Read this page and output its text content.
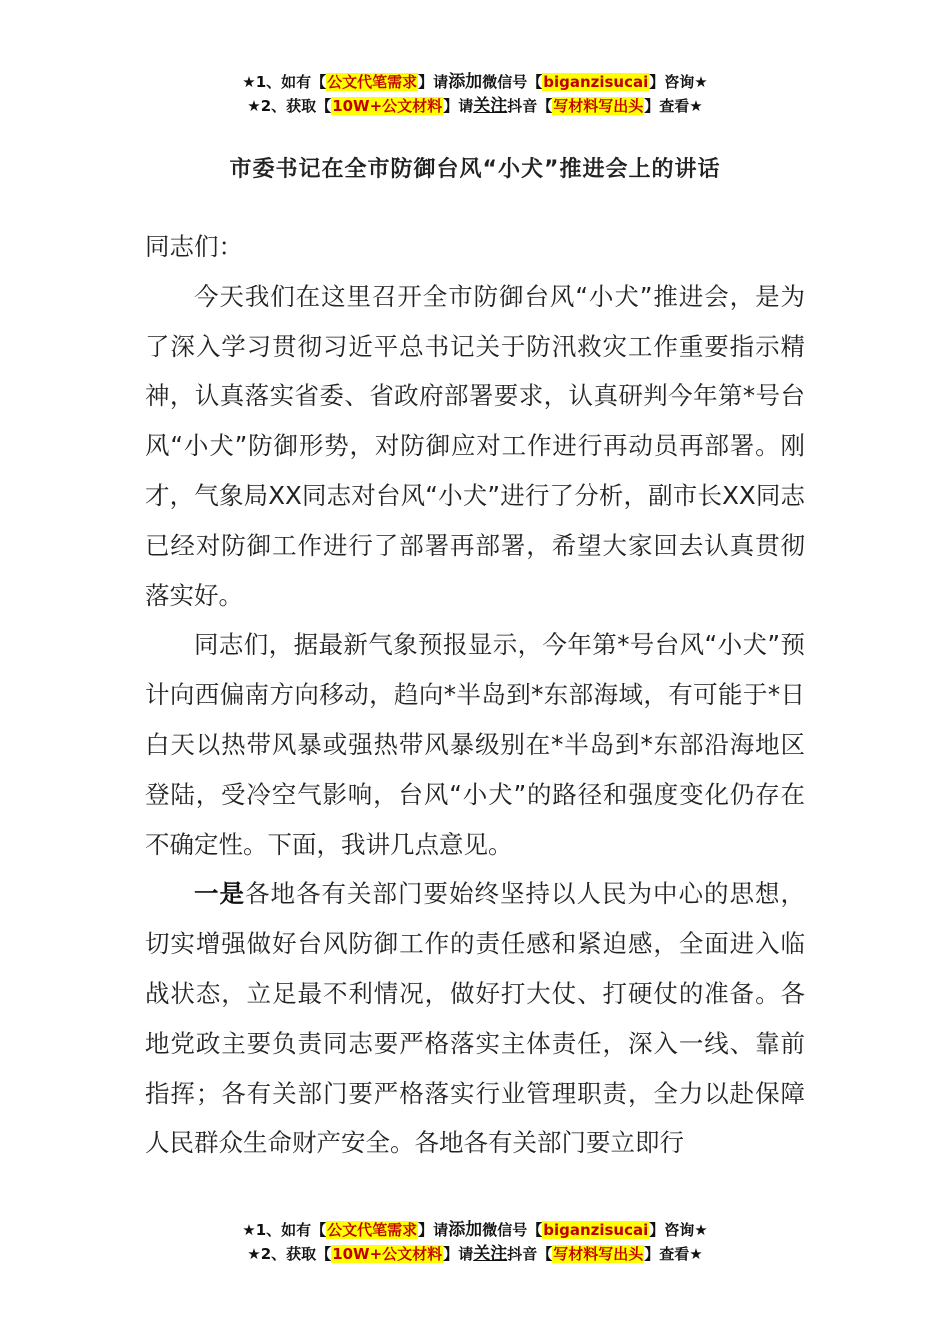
★1、如有【公文代笔需求】请添加微信号【biganzisucai】咨询★
★2、获取【10W+公文材料】请关注抖音【写材料写出头】查看★
市委书记在全市防御台风“小犬”推进会上的讲话

同志们：

今天我们在这里召开全市防御台风“小犬”推进会，是为了深入学习贯彻习近平总书记关于防汛救灾工作重要指示精神，认真落实省委、省政府部署要求，认真研判今年第*号台风“小犬”防御形势，对防御应对工作进行再动员再部署。刚才，气象局XX同志对台风“小犬”进行了分析，副市长XX同志已经对防御工作进行了部署再部署，希望大家回去认真贯彻落实好。

同志们，据最新气象预报显示，今年第*号台风“小犬”预计向西偏南方向移动，趋向*半岛到*东部海域，有可能于*日白天以热带风暴或强热带风暴级别在*半岛到*东部沿海地区登陆，受冷空气影响，台风“小犬”的路径和强度变化仍存在不确定性。下面，我讲几点意见。

一是各地各有关部门要始终坚持以人民为中心的思想，切实增强做好台风防御工作的责任感和紧迫感，全面进入临战状态，立足最不利情况，做好打大仗、打硬仗的准备。各地党政主要负责同志要严格落实主体责任，深入一线、靠前指挥；各有关部门要严格落实行业管理职责，全力以赴保障人民群众生命财产安全。各地各有关部门要立即行

★1、如有【公文代笔需求】请添加微信号【biganzisucai】咨询★
★2、获取【10W+公文材料】请关注抖音【写材料写出头】查看★
